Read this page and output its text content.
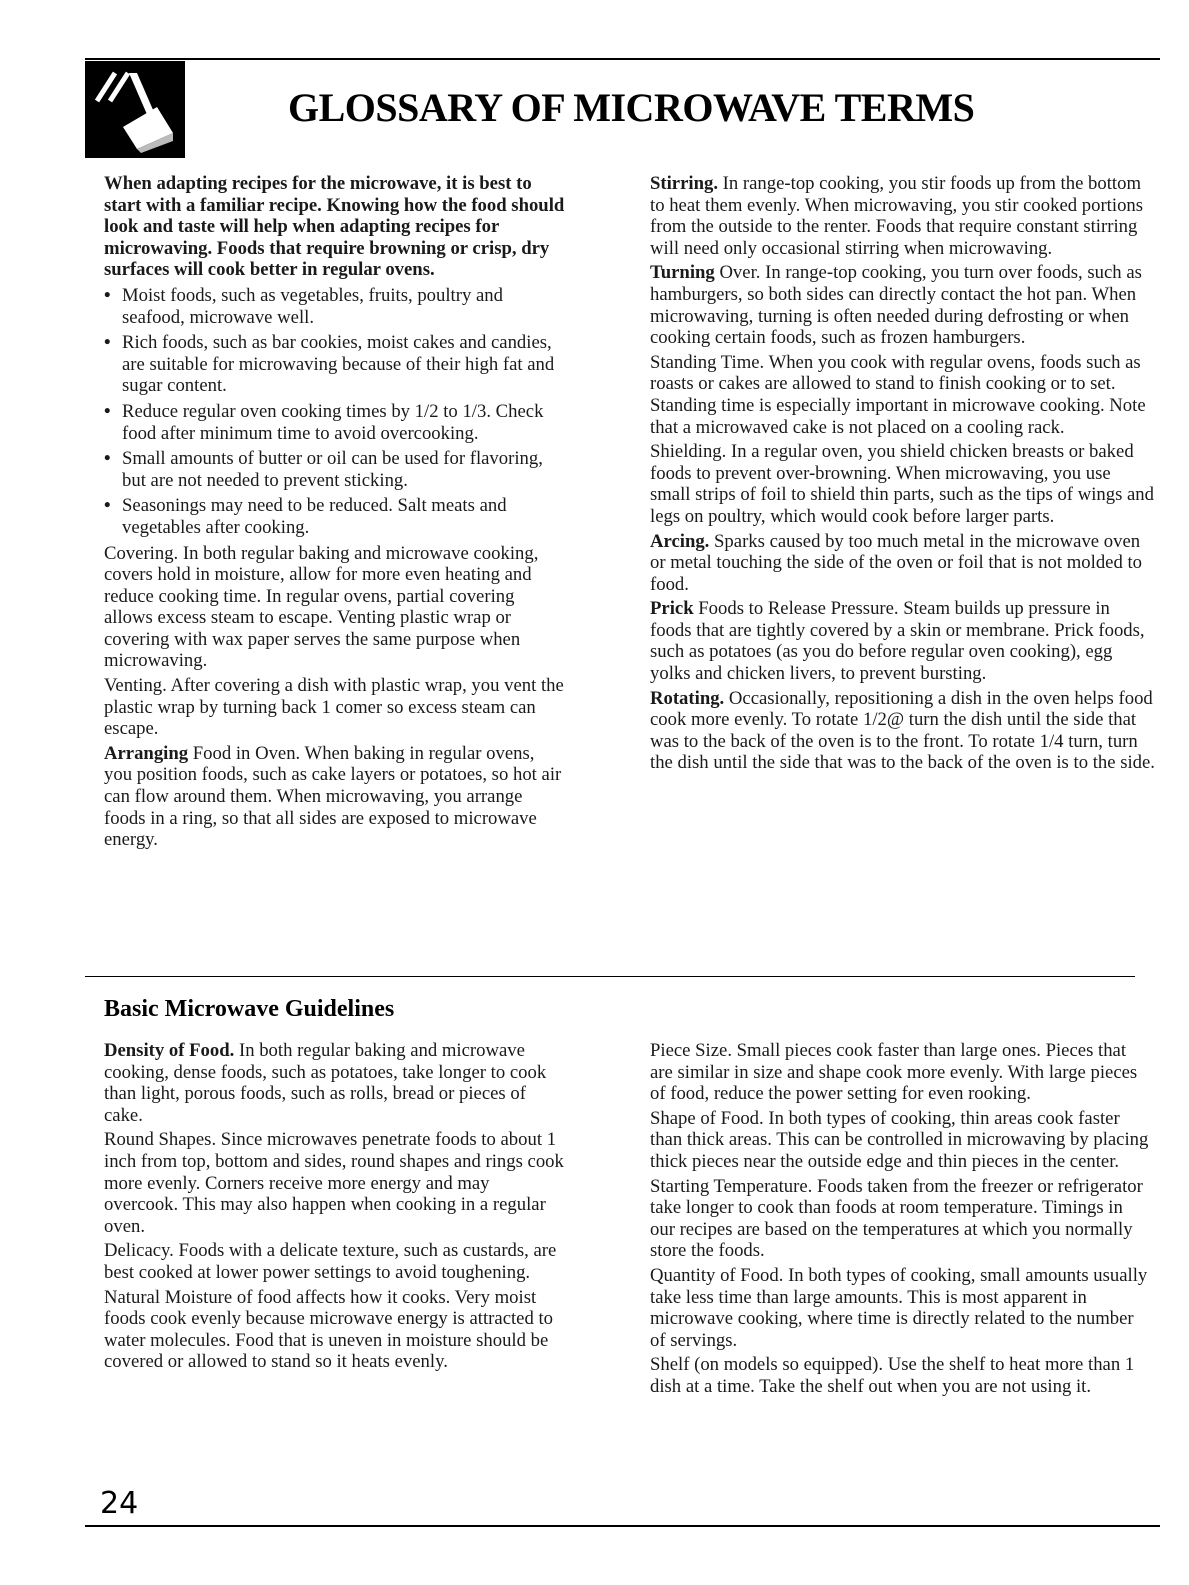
GLOSSARY OF MICROWAVE TERMS

When adapting recipes for the microwave, it is best to start with a familiar recipe. Knowing how the food should look and taste will help when adapting recipes for microwaving. Foods that require browning or crisp, dry surfaces will cook better in regular ovens.

• Moist foods, such as vegetables, fruits, poultry and seafood, microwave well.

• Rich foods, such as bar cookies, moist cakes and candies, are suitable for microwaving because of their high fat and sugar content.

• Reduce regular oven cooking times by 1/2 to 1/3. Check food after minimum time to avoid overcooking.

• Small amounts of butter or oil can be used for flavoring, but are not needed to prevent sticking.

• Seasonings may need to be reduced. Salt meats and vegetables after cooking.

Covering. In both regular baking and microwave cooking, covers hold in moisture, allow for more even heating and reduce cooking time. In regular ovens, partial covering allows excess steam to escape. Venting plastic wrap or covering with wax paper serves the same purpose when microwaving.

Venting. After covering a dish with plastic wrap, you vent the plastic wrap by turning back 1 comer so excess steam can escape.

Arranging Food in Oven. When baking in regular ovens, you position foods, such as cake layers or potatoes, so hot air can flow around them. When microwaving, you arrange foods in a ring, so that all sides are exposed to microwave energy.

Stirring. In range-top cooking, you stir foods up from the bottom to heat them evenly. When microwaving, you stir cooked portions from the outside to the renter. Foods that require constant stirring will need only occasional stirring when microwaving.

Turning Over. In range-top cooking, you turn over foods, such as hamburgers, so both sides can directly contact the hot pan. When microwaving, turning is often needed during defrosting or when cooking certain foods, such as frozen hamburgers.

Standing Time. When you cook with regular ovens, foods such as roasts or cakes are allowed to stand to finish cooking or to set. Standing time is especially important in microwave cooking. Note that a microwaved cake is not placed on a cooling rack.

Shielding. In a regular oven, you shield chicken breasts or baked foods to prevent over-browning. When microwaving, you use small strips of foil to shield thin parts, such as the tips of wings and legs on poultry, which would cook before larger parts.

Arcing. Sparks caused by too much metal in the microwave oven or metal touching the side of the oven or foil that is not molded to food.

Prick Foods to Release Pressure. Steam builds up pressure in foods that are tightly covered by a skin or membrane. Prick foods, such as potatoes (as you do before regular oven cooking), egg yolks and chicken livers, to prevent bursting.

Rotating. Occasionally, repositioning a dish in the oven helps food cook more evenly. To rotate 1/2@ turn the dish until the side that was to the back of the oven is to the front. To rotate 1/4 turn, turn the dish until the side that was to the back of the oven is to the side.

Basic Microwave Guidelines

Density of Food. In both regular baking and microwave cooking, dense foods, such as potatoes, take longer to cook than light, porous foods, such as rolls, bread or pieces of cake.

Round Shapes. Since microwaves penetrate foods to about 1 inch from top, bottom and sides, round shapes and rings cook more evenly. Corners receive more energy and may overcook. This may also happen when cooking in a regular oven.

Delicacy. Foods with a delicate texture, such as custards, are best cooked at lower power settings to avoid toughening.

Natural Moisture of food affects how it cooks. Very moist foods cook evenly because microwave energy is attracted to water molecules. Food that is uneven in moisture should be covered or allowed to stand so it heats evenly.

Piece Size. Small pieces cook faster than large ones. Pieces that are similar in size and shape cook more evenly. With large pieces of food, reduce the power setting for even rooking.

Shape of Food. In both types of cooking, thin areas cook faster than thick areas. This can be controlled in microwaving by placing thick pieces near the outside edge and thin pieces in the center.

Starting Temperature. Foods taken from the freezer or refrigerator take longer to cook than foods at room temperature. Timings in our recipes are based on the temperatures at which you normally store the foods.

Quantity of Food. In both types of cooking, small amounts usually take less time than large amounts. This is most apparent in microwave cooking, where time is directly related to the number of servings.

Shelf (on models so equipped). Use the shelf to heat more than 1 dish at a time. Take the shelf out when you are not using it.

24
